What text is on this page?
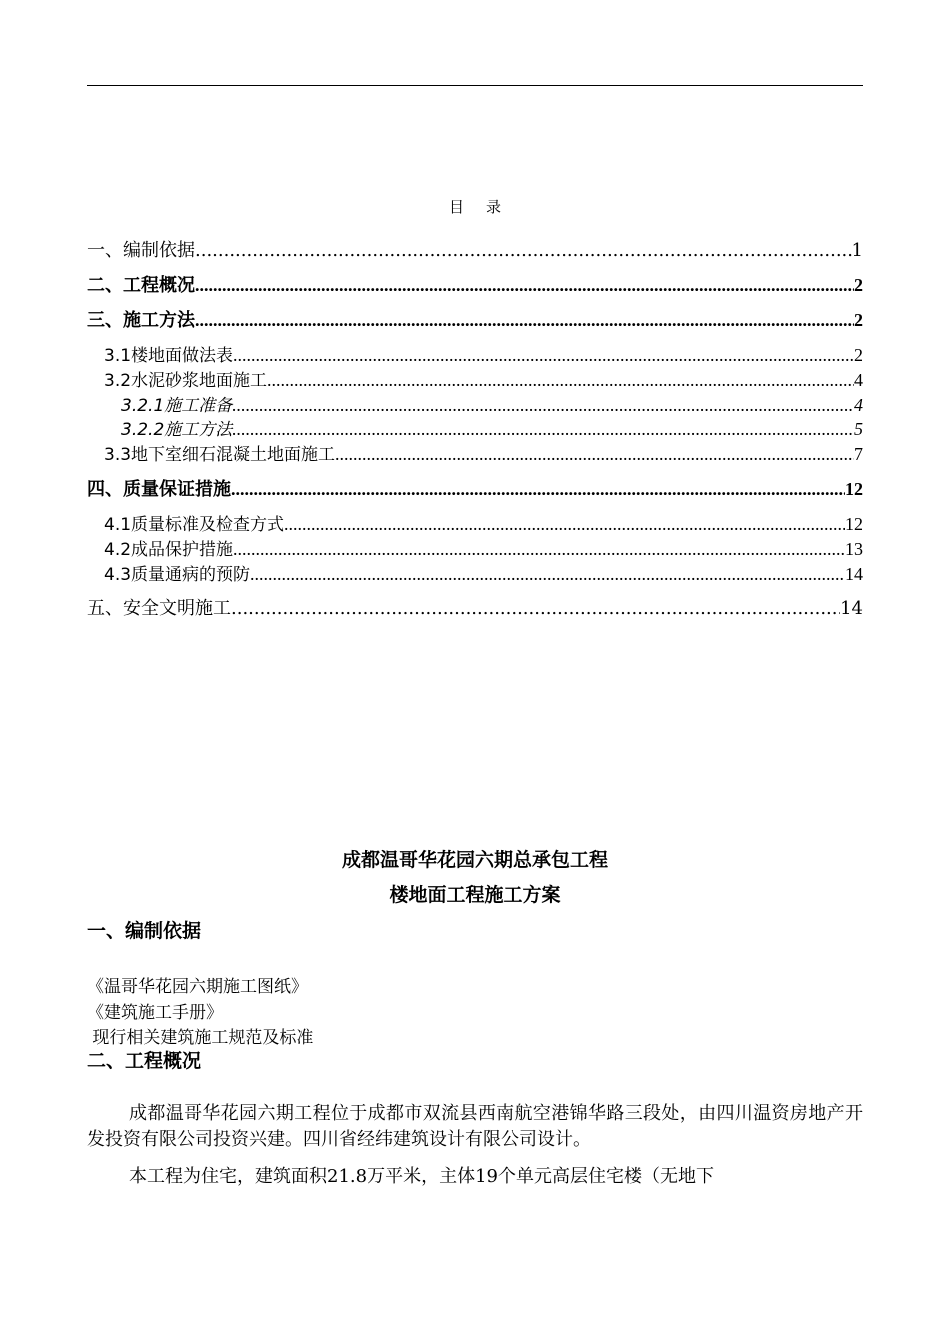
目 录
一、编制依据 .....	1
二、工程概况 .....	2
三、施工方法 .....	2
3.1楼地面做法表 .....	2
3.2水泥砂浆地面施工 .....	4
3.2.1施工准备 .....	4
3.2.2施工方法 .....	5
3.3地下室细石混凝土地面施工 .....	7
四、质量保证措施 .....	12
4.1质量标准及检查方式 .....	12
4.2成品保护措施 .....	13
4.3质量通病的预防 .....	14
五、安全文明施工 .....	14
成都温哥华花园六期总承包工程
楼地面工程施工方案
一、编制依据
《温哥华花园六期施工图纸》
《建筑施工手册》
现行相关建筑施工规范及标准
二、工程概况
成都温哥华花园六期工程位于成都市双流县西南航空港锦华路三段处，由四川温资房地产开发投资有限公司投资兴建。四川省经纬建筑设计有限公司设计。
本工程为住宅，建筑面积21.8万平米，主体19个单元高层住宅楼（无地下
